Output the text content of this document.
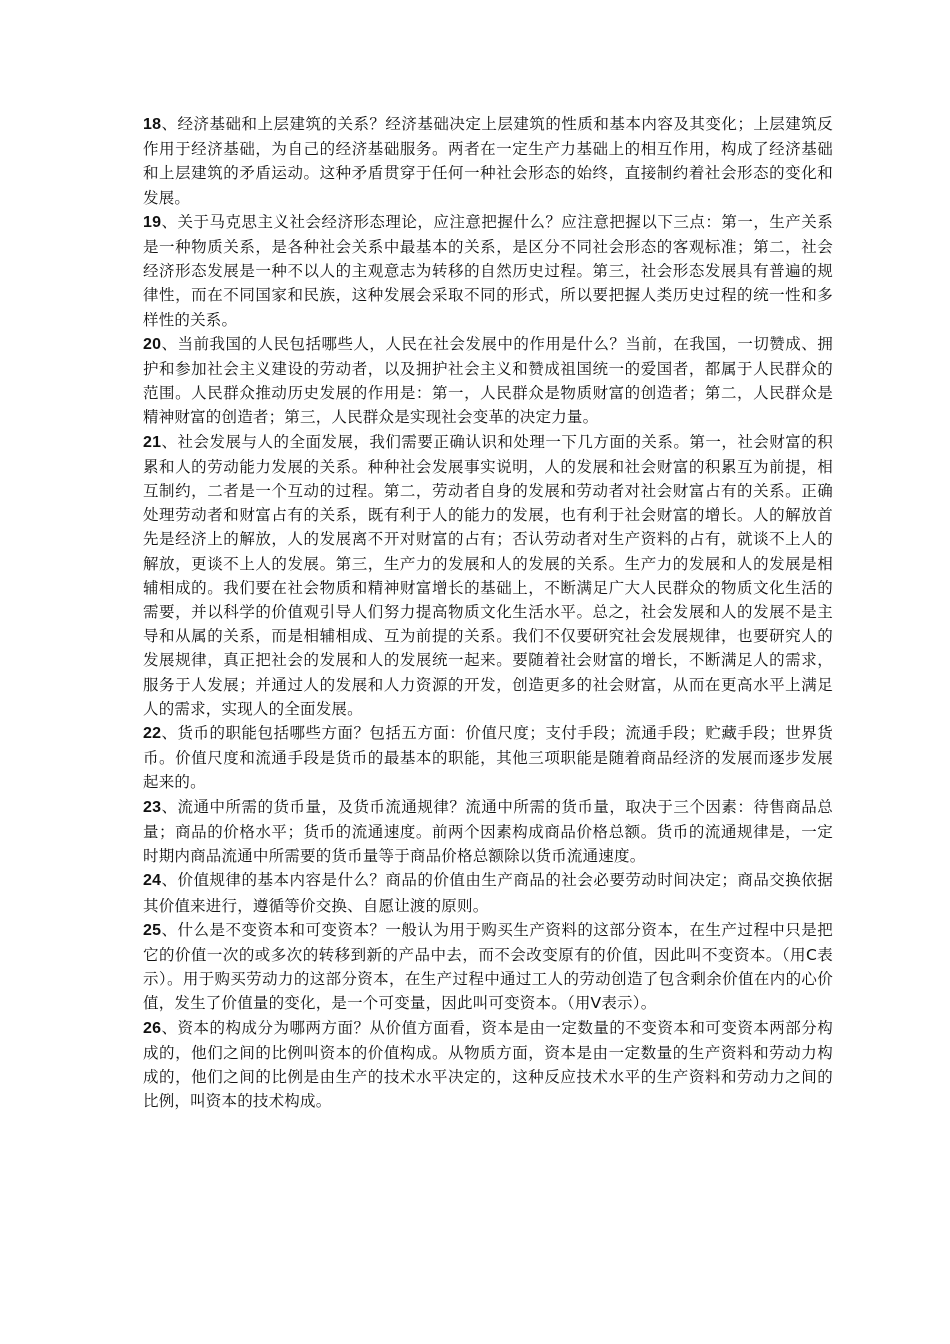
18、经济基础和上层建筑的关系？经济基础决定上层建筑的性质和基本内容及其变化；上层建筑反作用于经济基础，为自己的经济基础服务。两者在一定生产力基础上的相互作用，构成了经济基础和上层建筑的矛盾运动。这种矛盾贯穿于任何一种社会形态的始终，直接制约着社会形态的变化和发展。

19、关于马克思主义社会经济形态理论，应注意把握什么？应注意把握以下三点：第一，生产关系是一种物质关系，是各种社会关系中最基本的关系，是区分不同社会形态的客观标准；第二，社会经济形态发展是一种不以人的主观意志为转移的自然历史过程。第三，社会形态发展具有普遍的规律性，而在不同国家和民族，这种发展会采取不同的形式，所以要把握人类历史过程的统一性和多样性的关系。

20、当前我国的人民包括哪些人，人民在社会发展中的作用是什么？当前，在我国，一切赞成、拥护和参加社会主义建设的劳动者，以及拥护社会主义和赞成祖国统一的爱国者，都属于人民群众的范围。人民群众推动历史发展的作用是：第一，人民群众是物质财富的创造者；第二，人民群众是精神财富的创造者；第三，人民群众是实现社会变革的决定力量。

21、社会发展与人的全面发展，我们需要正确认识和处理一下几方面的关系。第一，社会财富的积累和人的劳动能力发展的关系。种种社会发展事实说明，人的发展和社会财富的积累互为前提，相互制约，二者是一个互动的过程。第二，劳动者自身的发展和劳动者对社会财富占有的关系。正确处理劳动者和财富占有的关系，既有利于人的能力的发展，也有利于社会财富的增长。人的解放首先是经济上的解放，人的发展离不开对财富的占有；否认劳动者对生产资料的占有，就谈不上人的解放，更谈不上人的发展。第三，生产力的发展和人的发展的关系。生产力的发展和人的发展是相辅相成的。我们要在社会物质和精神财富增长的基础上，不断满足广大人民群众的物质文化生活的需要，并以科学的价值观引导人们努力提高物质文化生活水平。总之，社会发展和人的发展不是主导和从属的关系，而是相辅相成、互为前提的关系。我们不仅要研究社会发展规律，也要研究人的发展规律，真正把社会的发展和人的发展统一起来。要随着社会财富的增长，不断满足人的需求，服务于人发展；并通过人的发展和人力资源的开发，创造更多的社会财富，从而在更高水平上满足人的需求，实现人的全面发展。

22、货币的职能包括哪些方面？包括五方面：价值尺度；支付手段；流通手段；贮藏手段；世界货币。价值尺度和流通手段是货币的最基本的职能，其他三项职能是随着商品经济的发展而逐步发展起来的。

23、流通中所需的货币量，及货币流通规律？流通中所需的货币量，取决于三个因素：待售商品总量；商品的价格水平；货币的流通速度。前两个因素构成商品价格总额。货币的流通规律是，一定时期内商品流通中所需要的货币量等于商品价格总额除以货币流通速度。

24、价值规律的基本内容是什么？商品的价值由生产商品的社会必要劳动时间决定；商品交换依据其价值来进行，遵循等价交换、自愿让渡的原则。

25、什么是不变资本和可变资本？一般认为用于购买生产资料的这部分资本，在生产过程中只是把它的价值一次的或多次的转移到新的产品中去，而不会改变原有的价值，因此叫不变资本。（用C表示）。用于购买劳动力的这部分资本，在生产过程中通过工人的劳动创造了包含剩余价值在内的心价值，发生了价值量的变化，是一个可变量，因此叫可变资本。（用V表示）。

26、资本的构成分为哪两方面？从价值方面看，资本是由一定数量的不变资本和可变资本两部分构成的，他们之间的比例叫资本的价值构成。从物质方面，资本是由一定数量的生产资料和劳动力构成的，他们之间的比例是由生产的技术水平决定的，这种反应技术水平的生产资料和劳动力之间的比例，叫资本的技术构成。
